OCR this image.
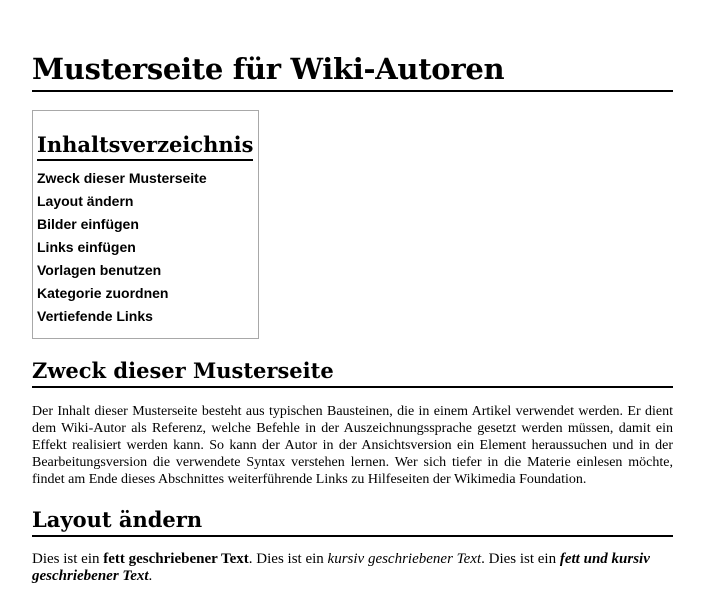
Musterseite für Wiki-Autoren
Inhaltsverzeichnis
Zweck dieser Musterseite
Layout ändern
Bilder einfügen
Links einfügen
Vorlagen benutzen
Kategorie zuordnen
Vertiefende Links
Zweck dieser Musterseite

Der Inhalt dieser Musterseite besteht aus typischen Bausteinen, die in einem Artikel verwendet werden. Er dient dem Wiki-Autor als Referenz, welche Befehle in der Auszeichnungssprache gesetzt werden müssen, damit ein Effekt realisiert werden kann. So kann der Autor in der Ansichtsversion ein Element heraussuchen und in der Bearbeitungsversion die verwendete Syntax verstehen lernen. Wer sich tiefer in die Materie einlesen möchte, findet am Ende dieses Abschnittes weiterführende Links zu Hilfeseiten der Wikimedia Foundation.

Layout ändern

Dies ist ein fett geschriebener Text. Dies ist ein kursiv geschriebener Text. Dies ist ein fett und kursiv geschriebener Text.
